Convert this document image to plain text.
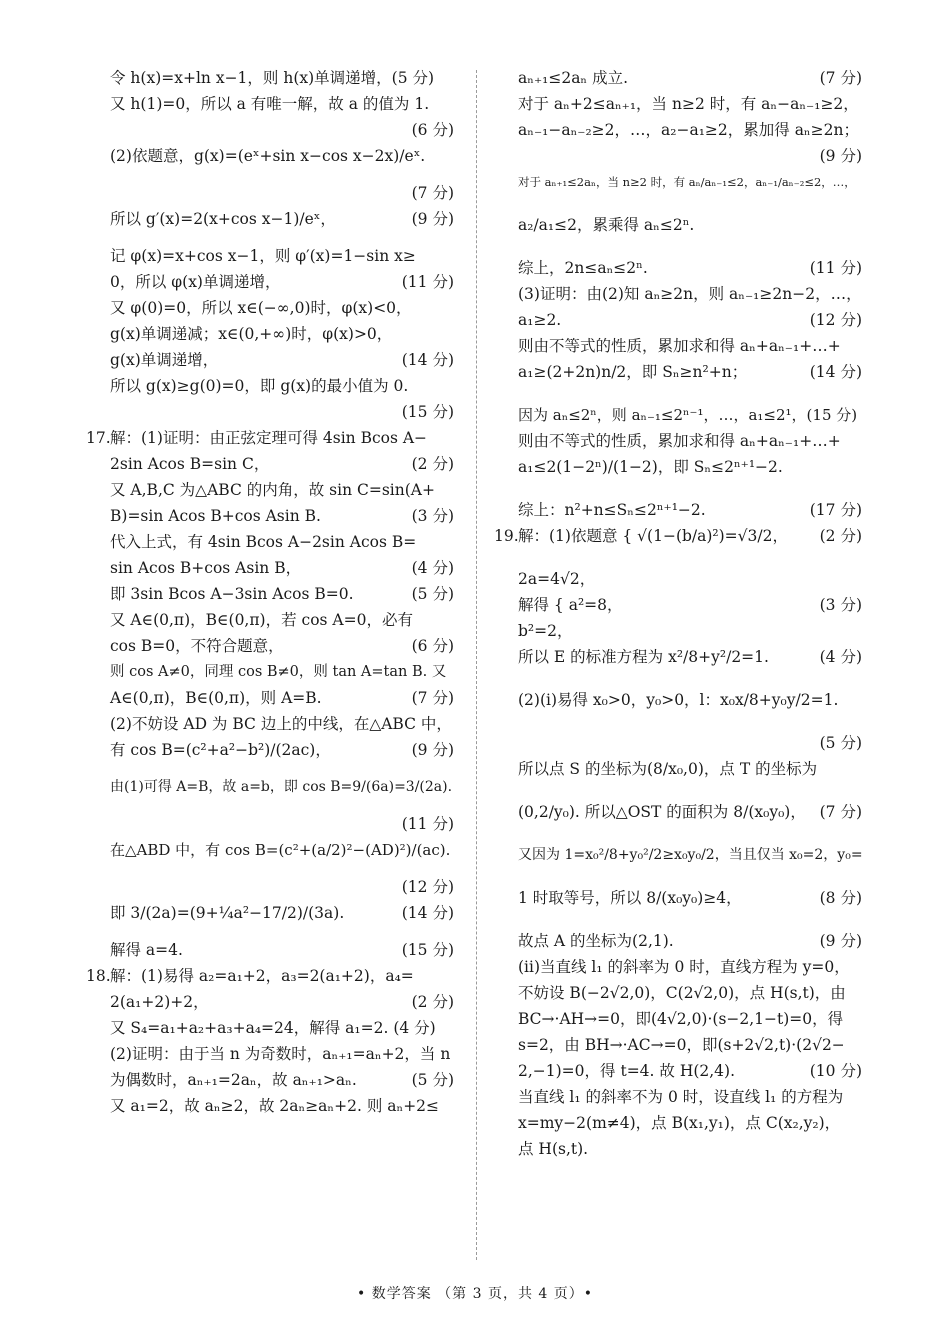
令 h(x)=x+ln x−1，则 h(x)单调递增，(5 分)
又 h(1)=0，所以 a 有唯一解，故 a 的值为 1.
(6 分)
(2)依题意，g(x)=(eˣ+sin x−cos x−2x)/eˣ.
(7 分)
所以 g′(x)=2(x+cos x−1)/eˣ，	(9 分)
记 φ(x)=x+cos x−1，则 φ′(x)=1−sin x≥
0，所以 φ(x)单调递增，	(11 分)
又 φ(0)=0，所以 x∈(−∞,0)时，φ(x)<0，
g(x)单调递减；x∈(0,+∞)时，φ(x)>0，
g(x)单调递增，	(14 分)
所以 g(x)≥g(0)=0，即 g(x)的最小值为 0.
(15 分)
17.解：(1)证明：由正弦定理可得 4sin Bcos A−
2sin Acos B=sin C，	(2 分)
又 A,B,C 为△ABC 的内角，故 sin C=sin(A+
B)=sin Acos B+cos Asin B.	(3 分)
代入上式，有 4sin Bcos A−2sin Acos B=
sin Acos B+cos Asin B，	(4 分)
即 3sin Bcos A−3sin Acos B=0.	(5 分)
又 A∈(0,π)，B∈(0,π)，若 cos A=0，必有
cos B=0，不符合题意，	(6 分)
则 cos A≠0，同理 cos B≠0，则 tan A=tan B. 又
A∈(0,π)，B∈(0,π)，则 A=B.	(7 分)
(2)不妨设 AD 为 BC 边上的中线，在△ABC 中，
有 cos B=(c²+a²−b²)/(2ac)，	(9 分)
由(1)可得 A=B，故 a=b，即 cos B=9/(6a)=3/(2a).
(11 分)
在△ABD 中，有 cos B=(c²+(a/2)²−(AD)²)/(ac).
(12 分)
即 3/(2a)=(9+¼a²−17/2)/(3a).	(14 分)
解得 a=4.	(15 分)
18.解：(1)易得 a₂=a₁+2，a₃=2(a₁+2)，a₄=
2(a₁+2)+2，	(2 分)
又 S₄=a₁+a₂+a₃+a₄=24，解得 a₁=2. (4 分)
(2)证明：由于当 n 为奇数时，aₙ₊₁=aₙ+2，当 n
为偶数时，aₙ₊₁=2aₙ，故 aₙ₊₁>aₙ.	(5 分)
又 a₁=2，故 aₙ≥2，故 2aₙ≥aₙ+2. 则 aₙ+2≤
aₙ₊₁≤2aₙ 成立.	(7 分)
对于 aₙ+2≤aₙ₊₁，当 n≥2 时，有 aₙ−aₙ₋₁≥2，
aₙ₋₁−aₙ₋₂≥2，…，a₂−a₁≥2，累加得 aₙ≥2n；
(9 分)
对于 aₙ₊₁≤2aₙ，当 n≥2 时，有 aₙ/aₙ₋₁≤2，aₙ₋₁/aₙ₋₂≤2，…，
a₂/a₁≤2，累乘得 aₙ≤2ⁿ.
综上，2n≤aₙ≤2ⁿ.	(11 分)
(3)证明：由(2)知 aₙ≥2n，则 aₙ₋₁≥2n−2，…，
a₁≥2.	(12 分)
则由不等式的性质，累加求和得 aₙ+aₙ₋₁+…+
a₁≥(2+2n)n/2，即 Sₙ≥n²+n；	(14 分)
因为 aₙ≤2ⁿ，则 aₙ₋₁≤2ⁿ⁻¹，…，a₁≤2¹，(15 分)
则由不等式的性质，累加求和得 aₙ+aₙ₋₁+…+
a₁≤2(1−2ⁿ)/(1−2)，即 Sₙ≤2ⁿ⁺¹−2.
综上：n²+n≤Sₙ≤2ⁿ⁺¹−2.	(17 分)
19.解：(1)依题意 { √(1−(b/a)²)=√3/2， (2 分)
2a=4√2，
解得 { a²=8，	(3 分)
b²=2，
所以 E 的标准方程为 x²/8+y²/2=1.	(4 分)
(2)(ⅰ)易得 x₀>0，y₀>0，l：x₀x/8+y₀y/2=1.
(5 分)
所以点 S 的坐标为(8/x₀,0)，点 T 的坐标为
(0,2/y₀). 所以△OST 的面积为 8/(x₀y₀)， (7 分)
又因为 1=x₀²/8+y₀²/2≥x₀y₀/2，当且仅当 x₀=2，y₀=
1 时取等号，所以 8/(x₀y₀)≥4，	(8 分)
故点 A 的坐标为(2,1).	(9 分)
(ⅱ)当直线 l₁ 的斜率为 0 时，直线方程为 y=0，
不妨设 B(−2√2,0)，C(2√2,0)，点 H(s,t)，由
BC→·AH→=0，即(4√2,0)·(s−2,1−t)=0，得
s=2，由 BH→·AC→=0，即(s+2√2,t)·(2√2−
2,−1)=0，得 t=4. 故 H(2,4).	(10 分)
当直线 l₁ 的斜率不为 0 时，设直线 l₁ 的方程为
x=my−2(m≠4)，点 B(x₁,y₁)，点 C(x₂,y₂)，
点 H(s,t).
• 数学答案 （第 3 页，共 4 页）•
